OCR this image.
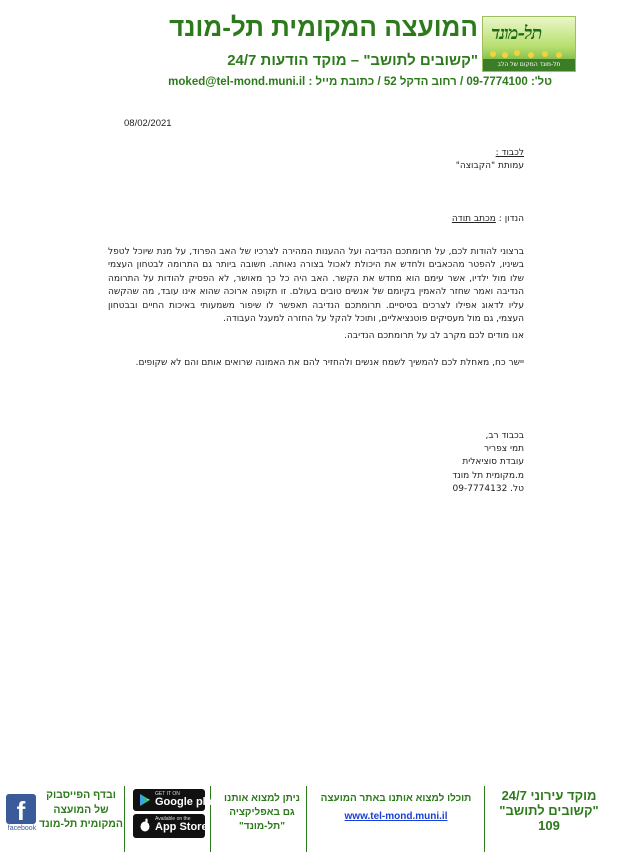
תל-מונד
תל-מונד המקום של הלב
המועצה המקומית תל-מונד
"קשובים לתושב" – מוקד הודעות 24/7
טל': 09-7774100 / רחוב הדקל 52 / כתובת מייל : moked@tel-mond.muni.il
08/02/2021
לכבוד :
עמותת "הקבוצה"
הנדון : מכתב תודה
ברצוני להודות לכם, על תרומתכם הנדיבה ועל ההענות המהירה לצרכיו של האב הפרוד, על מנת שיוכל לטפל בשיניו, להפטר מהכאבים ולחדש את היכולת לאכול בצורה נאותה. חשובה ביותר גם התרומה לבטחון העצמי שלו מול ילדיו, אשר עימם הוא מחדש את הקשר. האב היה כל כך מאושר, לא הפסיק להודות על התרומה הנדיבה ואמר שחזר להאמין בקיומם של אנשים טובים בעולם. זו תקופה ארוכה שהוא אינו עובד, מה שהקשה עליו לדאוג אפילו לצרכים בסיסיים. תרומתכם הנדיבה תאפשר לו שיפור משמעותי באיכות החיים ובבטחון העצמי, גם מול מעסיקים פוטנציאליים, ותוכל להקל על החזרה למעגל העבודה.
אנו מודים לכם מקרב לב על תרומתכם הנדיבה.
יישר כח, מאחלת לכם להמשיך לשמח אנשים ולהחזיר להם את האמונה שרואים אותם והם לא שקופים.
בכבוד רב,
תמי צפריר
עובדת סוציאלית
מ.מקומית תל מונד
טל. 09-7774132
מוקד עירוני 24/7
"קשובים לתושב"
109
תוכלו למצוא אותנו באתר המועצה
www.tel-mond.muni.il
ניתן למצוא אותנו
גם באפליקציה
"תל-מונד"
GET IT ON
Google play
Available on the
App Store
ובדף הפייסבוק
של המועצה
המקומית תל-מונד
f
facebook
